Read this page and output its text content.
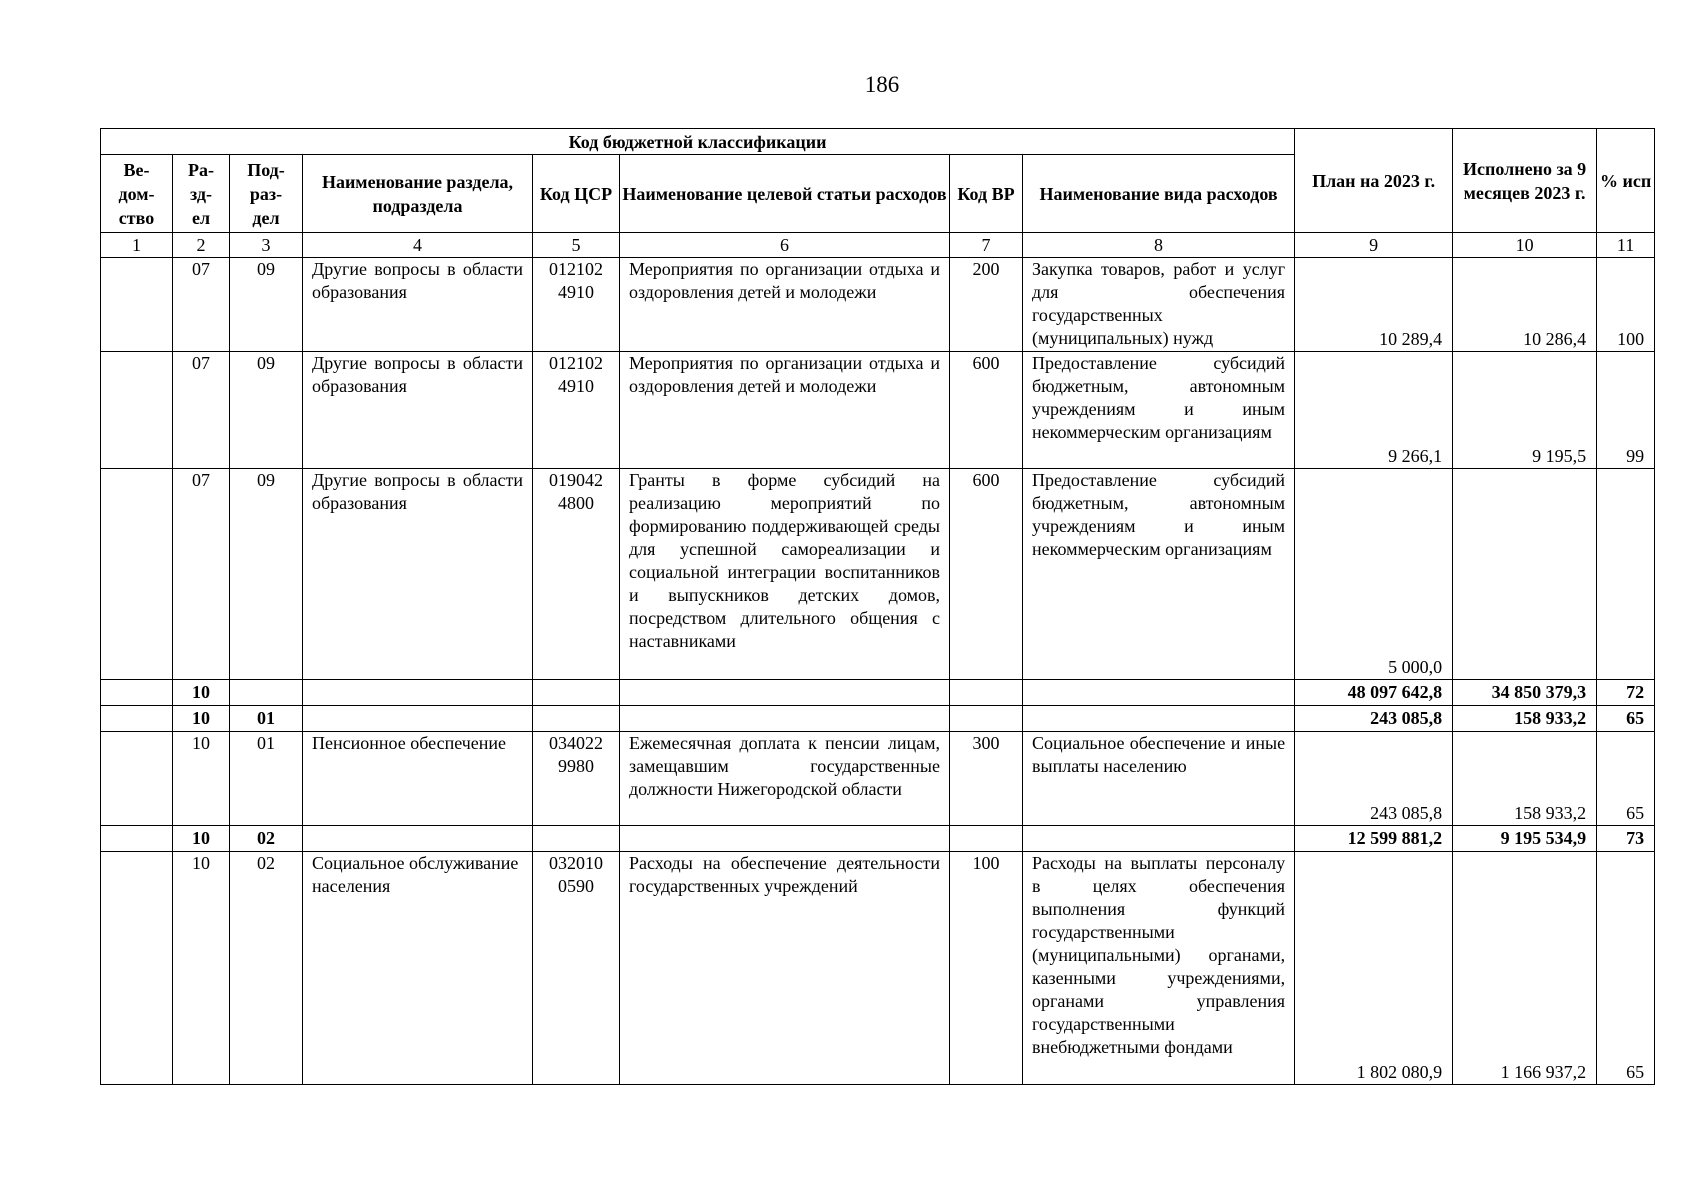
186
Код бюджетной классификации								План на 2023 г.	Исполнено за 9 месяцев 2023 г.	% исп
Ве-
дом-
ство	Ра-
зд-
ел	Под-
раз-
дел	Наименование раздела, подраздела	Код ЦСР	Наименование целевой статьи расходов	Код ВР	Наименование вида расходов			
1	2	3	4	5	6	7	8	9	10	11
	07	09	Другие вопросы в области образования	012102 4910	Мероприятия по организации отдыха и оздоровления детей и молодежи	200	Закупка товаров, работ и услуг для обеспечения государственных (муниципальных) нужд	10 289,4	10 286,4	100
	07	09	Другие вопросы в области образования	012102 4910	Мероприятия по организации отдыха и оздоровления детей и молодежи	600	Предоставление субсидий бюджетным, автономным учреждениям и иным некоммерческим организациям	9 266,1	9 195,5	99
	07	09	Другие вопросы в области образования	019042 4800	Гранты в форме субсидий на реализацию мероприятий по формированию поддерживающей среды для успешной самореализации и социальной интеграции воспитанников и выпускников детских домов, посредством длительного общения с наставниками	600	Предоставление субсидий бюджетным, автономным учреждениям и иным некоммерческим организациям	5 000,0		
	10							48 097 642,8	34 850 379,3	72
	10	01						243 085,8	158 933,2	65
	10	01	Пенсионное обеспечение	034022 9980	Ежемесячная доплата к пенсии лицам, замещавшим государственные должности Нижегородской области	300	Социальное обеспечение и иные выплаты населению	243 085,8	158 933,2	65
	10	02						12 599 881,2	9 195 534,9	73
	10	02	Социальное обслуживание населения	032010 0590	Расходы на обеспечение деятельности государственных учреждений	100	Расходы на выплаты персоналу в целях обеспечения выполнения функций государственными (муниципальными) органами, казенными учреждениями, органами управления государственными внебюджетными фондами	1 802 080,9	1 166 937,2	65
